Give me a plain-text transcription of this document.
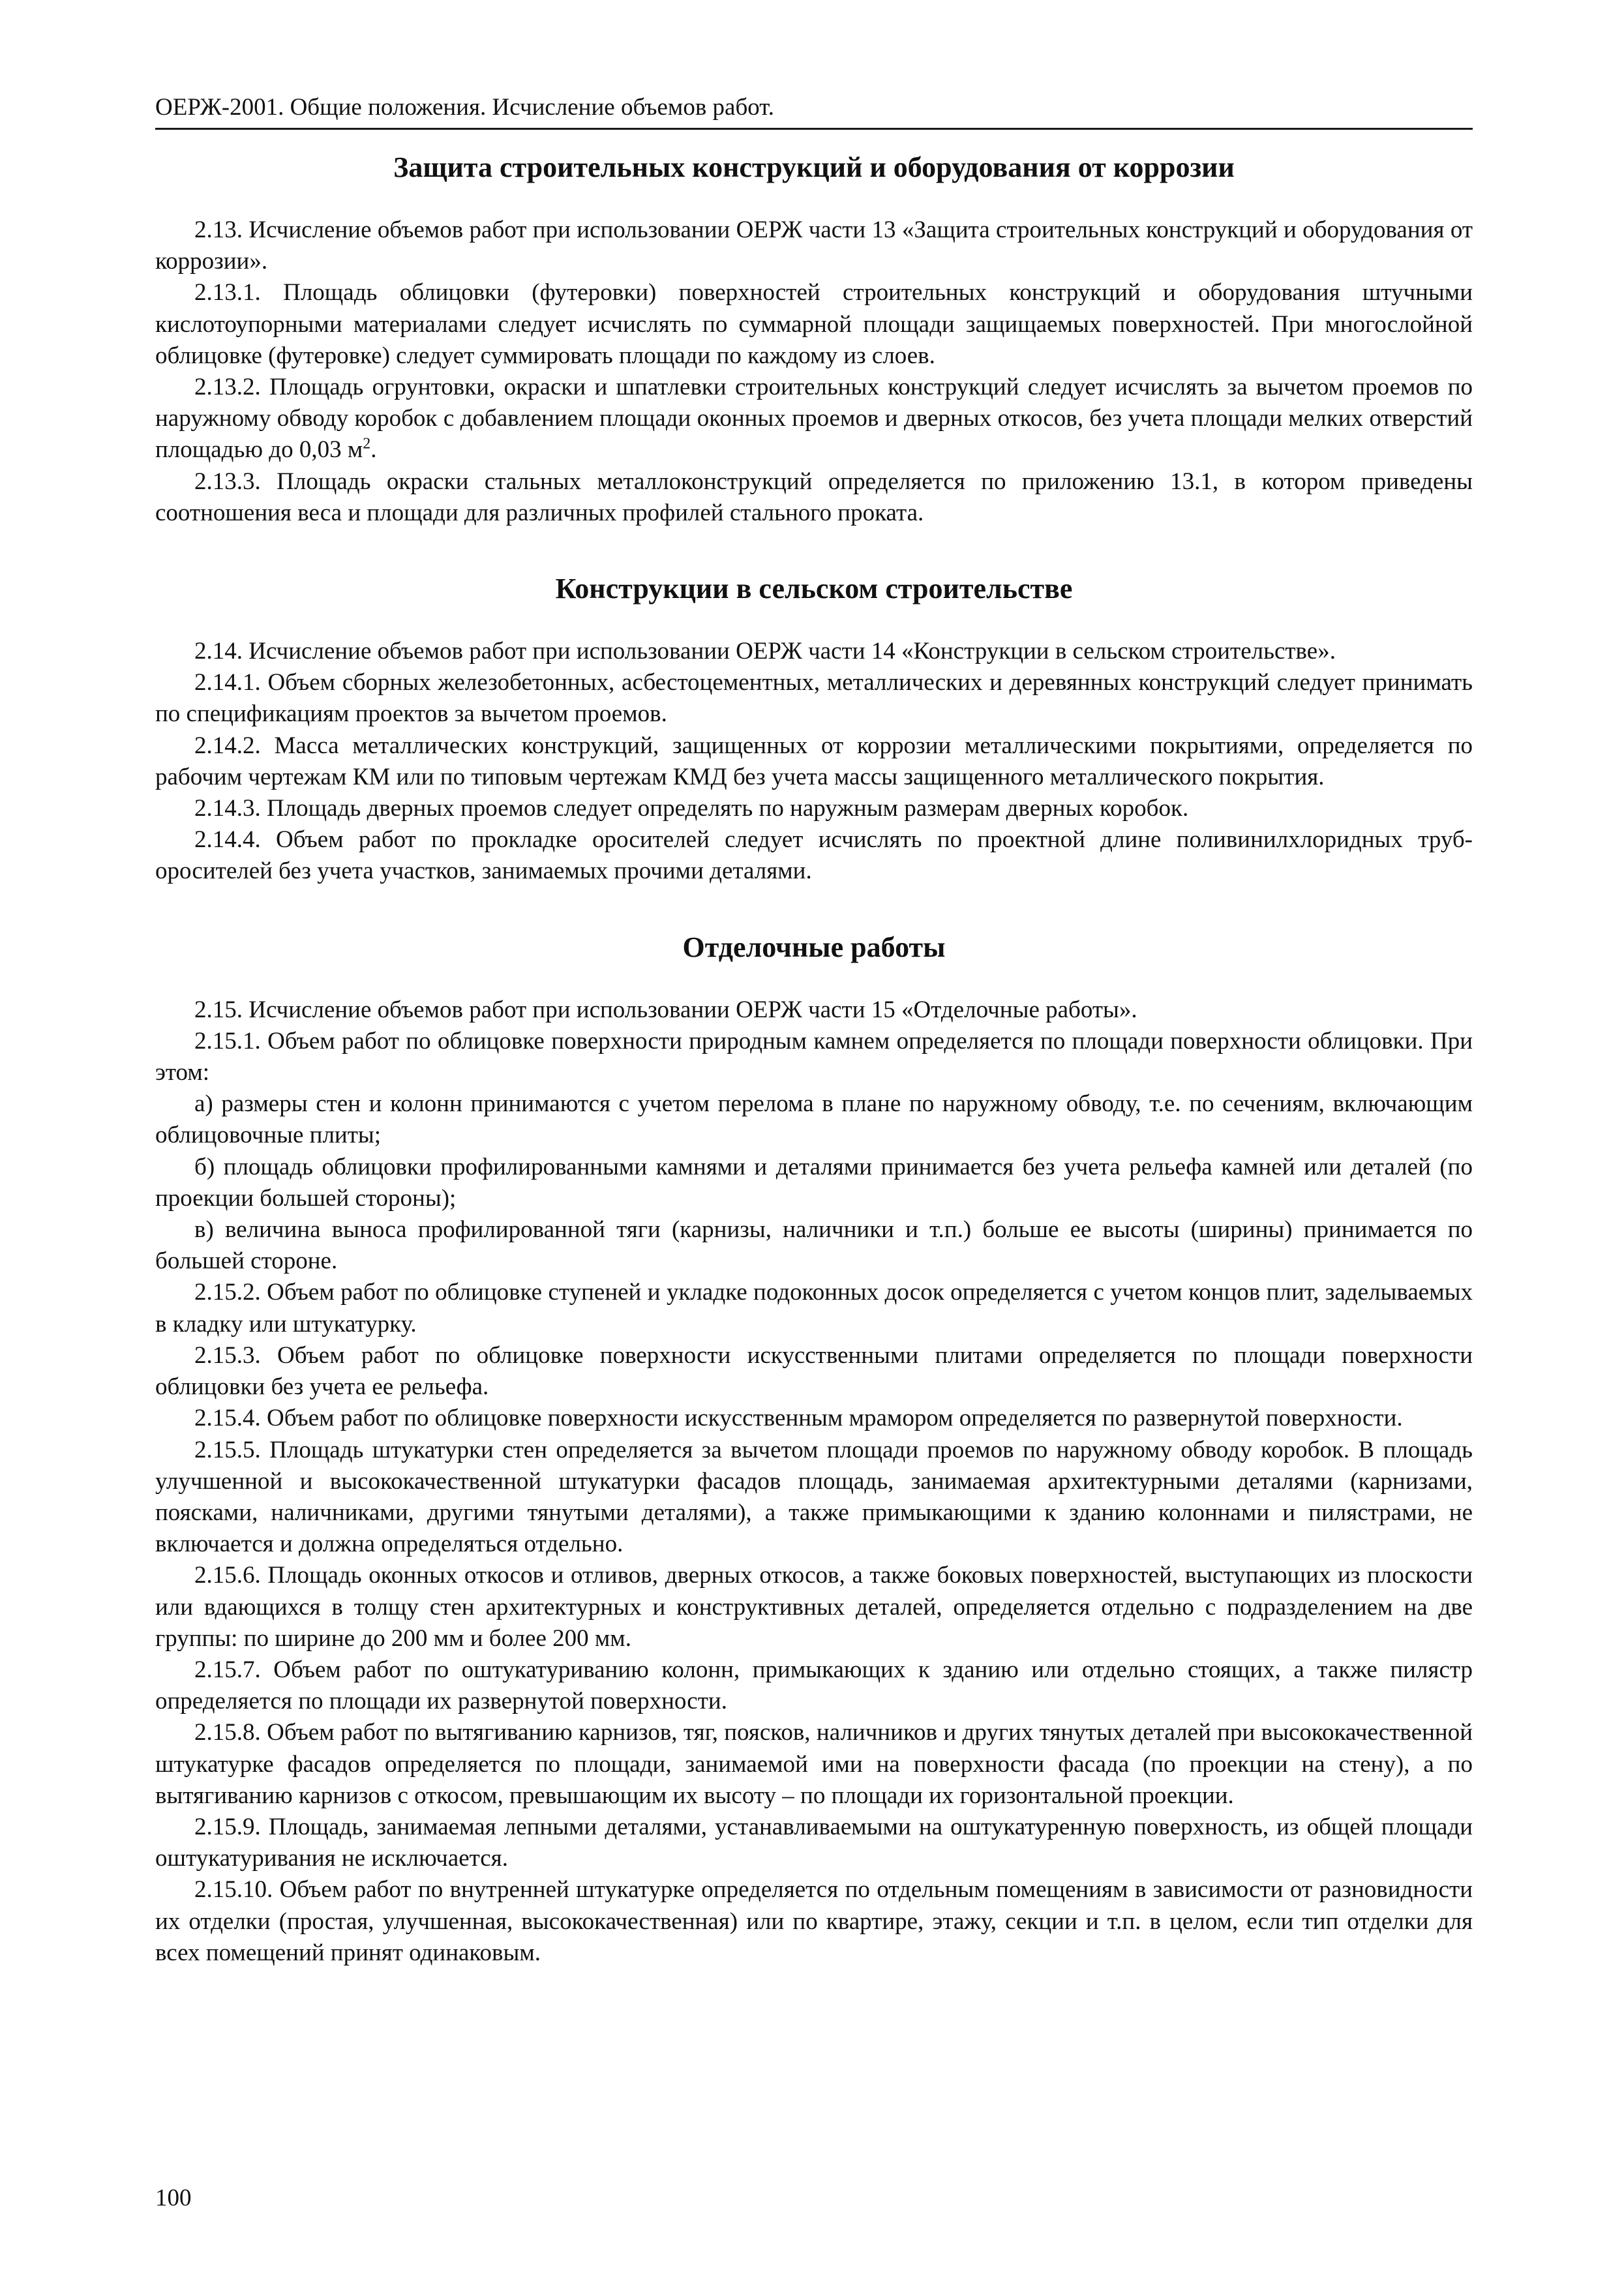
ОЕРЖ-2001. Общие положения. Исчисление объемов работ.
Защита строительных конструкций и оборудования от коррозии

2.13. Исчисление объемов работ при использовании ОЕРЖ части 13 «Защита строительных конструкций и оборудования от коррозии».

2.13.1. Площадь облицовки (футеровки) поверхностей строительных конструкций и оборудования штучными кислотоупорными материалами следует исчислять по суммарной площади защищаемых поверхностей. При многослойной облицовке (футеровке) следует суммировать площади по каждому из слоев.

2.13.2. Площадь огрунтовки, окраски и шпатлевки строительных конструкций следует исчислять за вычетом проемов по наружному обводу коробок с добавлением площади оконных проемов и дверных откосов, без учета площади мелких отверстий площадью до 0,03 $м^2$.

2.13.3. Площадь окраски стальных металлоконструкций определяется по приложению 13.1, в котором приведены соотношения веса и площади для различных профилей стального проката.

Конструкции в сельском строительстве

2.14. Исчисление объемов работ при использовании ОЕРЖ части 14 «Конструкции в сельском строительстве».

2.14.1. Объем сборных железобетонных, асбестоцементных, металлических и деревянных конструкций следует принимать по спецификациям проектов за вычетом проемов.

2.14.2. Масса металлических конструкций, защищенных от коррозии металлическими покрытиями, определяется по рабочим чертежам КМ или по типовым чертежам КМД без учета массы защищенного металлического покрытия.

2.14.3. Площадь дверных проемов следует определять по наружным размерам дверных коробок.

2.14.4. Объем работ по прокладке оросителей следует исчислять по проектной длине поливинилхлоридных труб-оросителей без учета участков, занимаемых прочими деталями.

Отделочные работы

2.15. Исчисление объемов работ при использовании ОЕРЖ части 15 «Отделочные работы».

2.15.1. Объем работ по облицовке поверхности природным камнем определяется по площади поверхности облицовки. При этом:

а) размеры стен и колонн принимаются с учетом перелома в плане по наружному обводу, т.е. по сечениям, включающим облицовочные плиты;

б) площадь облицовки профилированными камнями и деталями принимается без учета рельефа камней или деталей (по проекции большей стороны);

в) величина выноса профилированной тяги (карнизы, наличники и т.п.) больше ее высоты (ширины) принимается по большей стороне.

2.15.2. Объем работ по облицовке ступеней и укладке подоконных досок определяется с учетом концов плит, заделываемых в кладку или штукатурку.

2.15.3. Объем работ по облицовке поверхности искусственными плитами определяется по площади поверхности облицовки без учета ее рельефа.

2.15.4. Объем работ по облицовке поверхности искусственным мрамором определяется по развернутой поверхности.

2.15.5. Площадь штукатурки стен определяется за вычетом площади проемов по наружному обводу коробок. В площадь улучшенной и высококачественной штукатурки фасадов площадь, занимаемая архитектурными деталями (карнизами, поясками, наличниками, другими тянутыми деталями), а также примыкающими к зданию колоннами и пилястрами, не включается и должна определяться отдельно.

2.15.6. Площадь оконных откосов и отливов, дверных откосов, а также боковых поверхностей, выступающих из плоскости или вдающихся в толщу стен архитектурных и конструктивных деталей, определяется отдельно с подразделением на две группы: по ширине до 200 мм и более 200 мм.

2.15.7. Объем работ по оштукатуриванию колонн, примыкающих к зданию или отдельно стоящих, а также пилястр определяется по площади их развернутой поверхности.

2.15.8. Объем работ по вытягиванию карнизов, тяг, поясков, наличников и других тянутых деталей при высококачественной штукатурке фасадов определяется по площади, занимаемой ими на поверхности фасада (по проекции на стену), а по вытягиванию карнизов с откосом, превышающим их высоту – по площади их горизонтальной проекции.

2.15.9. Площадь, занимаемая лепными деталями, устанавливаемыми на оштукатуренную поверхность, из общей площади оштукатуривания не исключается.

2.15.10. Объем работ по внутренней штукатурке определяется по отдельным помещениям в зависимости от разновидности их отделки (простая, улучшенная, высококачественная) или по квартире, этажу, секции и т.п. в целом, если тип отделки для всех помещений принят одинаковым.

100
